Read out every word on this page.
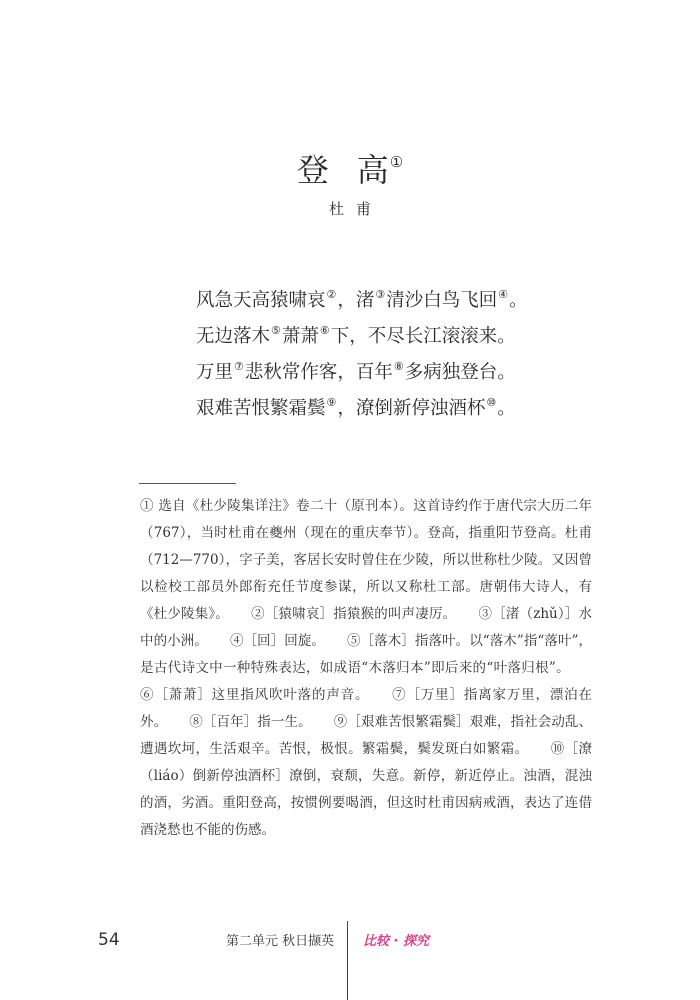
登 高①
杜甫
风急天高猿啸哀②，渚③清沙白鸟飞回④。
无边落木⑤萧萧⑥下，不尽长江滚滚来。
万里⑦悲秋常作客，百年⑧多病独登台。
艰难苦恨繁霜鬓⑨，潦倒新停浊酒杯⑩。
① 选自《杜少陵集详注》卷二十（原刊本）。这首诗约作于唐代宗大历二年（767），当时杜甫在夔州（现在的重庆奉节）。登高，指重阳节登高。杜甫（712—770），字子美，客居长安时曾住在少陵，所以世称杜少陵。又因曾以检校工部员外郎衔充任节度参谋，所以又称杜工部。唐朝伟大诗人，有《杜少陵集》。 ②［猿啸哀］指猿猴的叫声凄厉。 ③［渚（zhǔ）］水中的小洲。 ④［回］回旋。 ⑤［落木］指落叶。以“落木”指“落叶”，是古代诗文中一种特殊表达，如成语“木落归本”即后来的“叶落归根”。⑥［萧萧］这里指风吹叶落的声音。 ⑦［万里］指离家万里，漂泊在外。 ⑧［百年］指一生。 ⑨［艰难苦恨繁霜鬓］艰难，指社会动乱、遭遇坎坷，生活艰辛。苦恨，极恨。繁霜鬓，鬓发斑白如繁霜。 ⑩［潦（liáo）倒新停浊酒杯］潦倒，衰颓，失意。新停，新近停止。浊酒，混浊的酒，劣酒。重阳登高，按惯例要喝酒，但这时杜甫因病戒酒，表达了连借酒浇愁也不能的伤感。
54	第二单元 秋日撷英 比较 · 探究
